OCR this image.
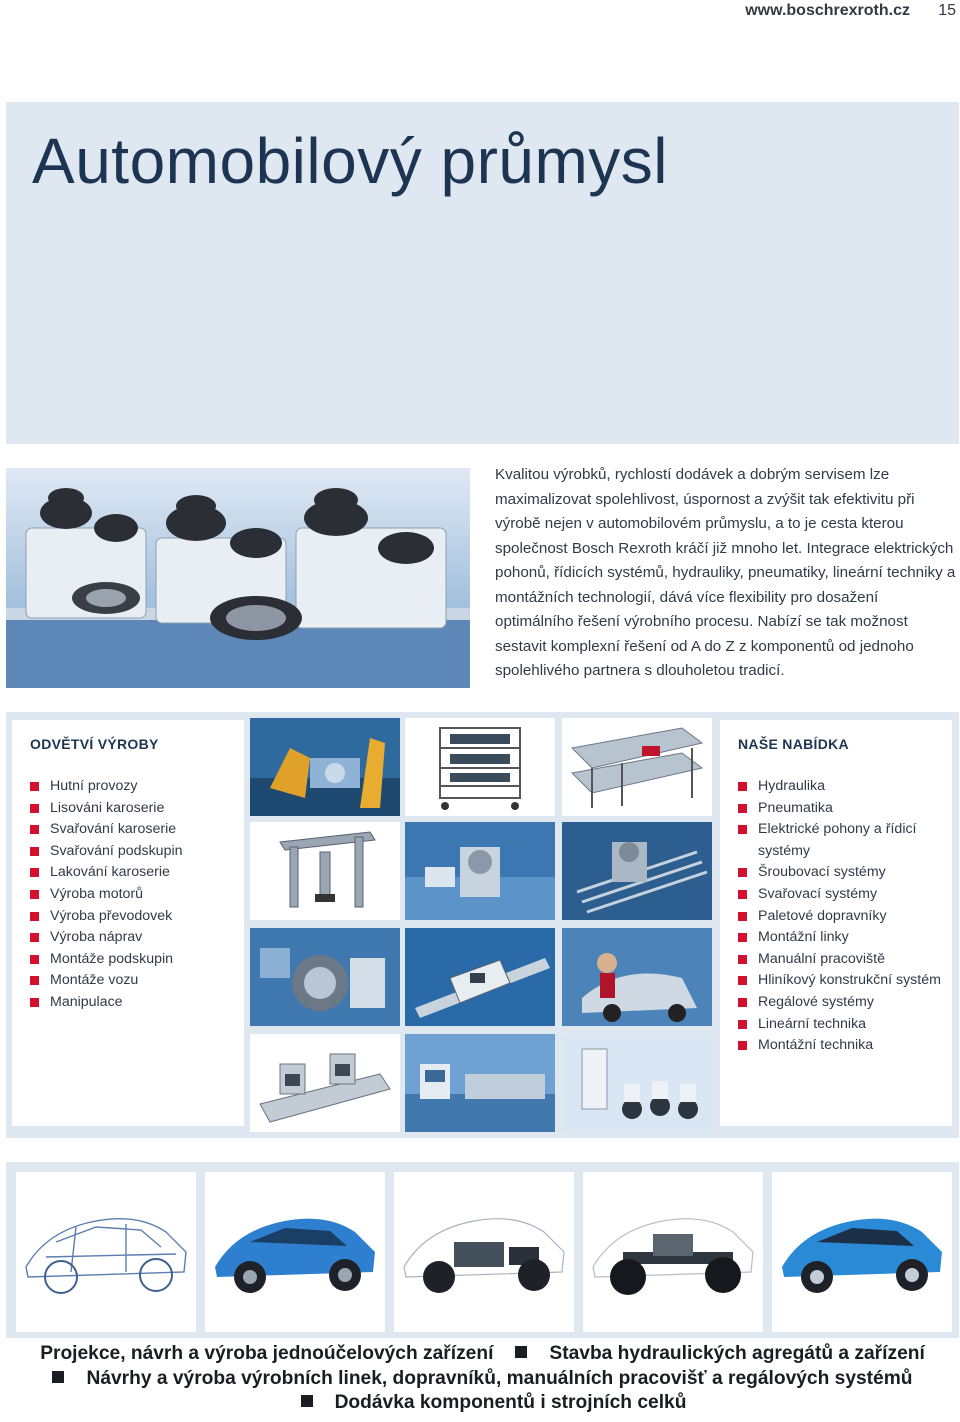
www.boschrexroth.cz 15
Automobilový průmysl
Kvalitou výrobků, rychlostí dodávek a dobrým servisem lze maximalizovat spolehlivost, úspornost a zvýšit tak efektivitu při výrobě nejen v automobilovém průmyslu, a to je cesta kterou společnost Bosch Rexroth kráčí již mnoho let. Integrace elektrických pohonů, řídicích systémů, hydrauliky, pneumatiky, lineární techniky a montážních technologií, dává více flexibility pro dosažení optimálního řešení výrobního procesu. Nabízí se tak možnost sestavit komplexní řešení od A do Z z komponentů od jednoho spolehlivého partnera s dlouholetou tradicí.
ODVĚTVÍ VÝROBY
Hutní provozy
Lisováni karoserie
Svařování karoserie
Svařování podskupin
Lakování karoserie
Výroba motorů
Výroba převodovek
Výroba náprav
Montáže podskupin
Montáže vozu
Manipulace
NAŠE NABÍDKA
Hydraulika
Pneumatika
Elektrické pohony a řídicí systémy
Šroubovací systémy
Svařovací systémy
Paletové dopravníky
Montážní linky
Manuální pracoviště
Hliníkový konstrukční systém
Regálové systémy
Lineární technika
Montážní technika
Projekce, návrh a výroba jednoúčelových zařízení	Stavba hydraulických agregátů a zařízení
Návrhy a výroba výrobních linek, dopravníků, manuálních pracovišť a regálových systémůDodávka komponentů i strojních celků
